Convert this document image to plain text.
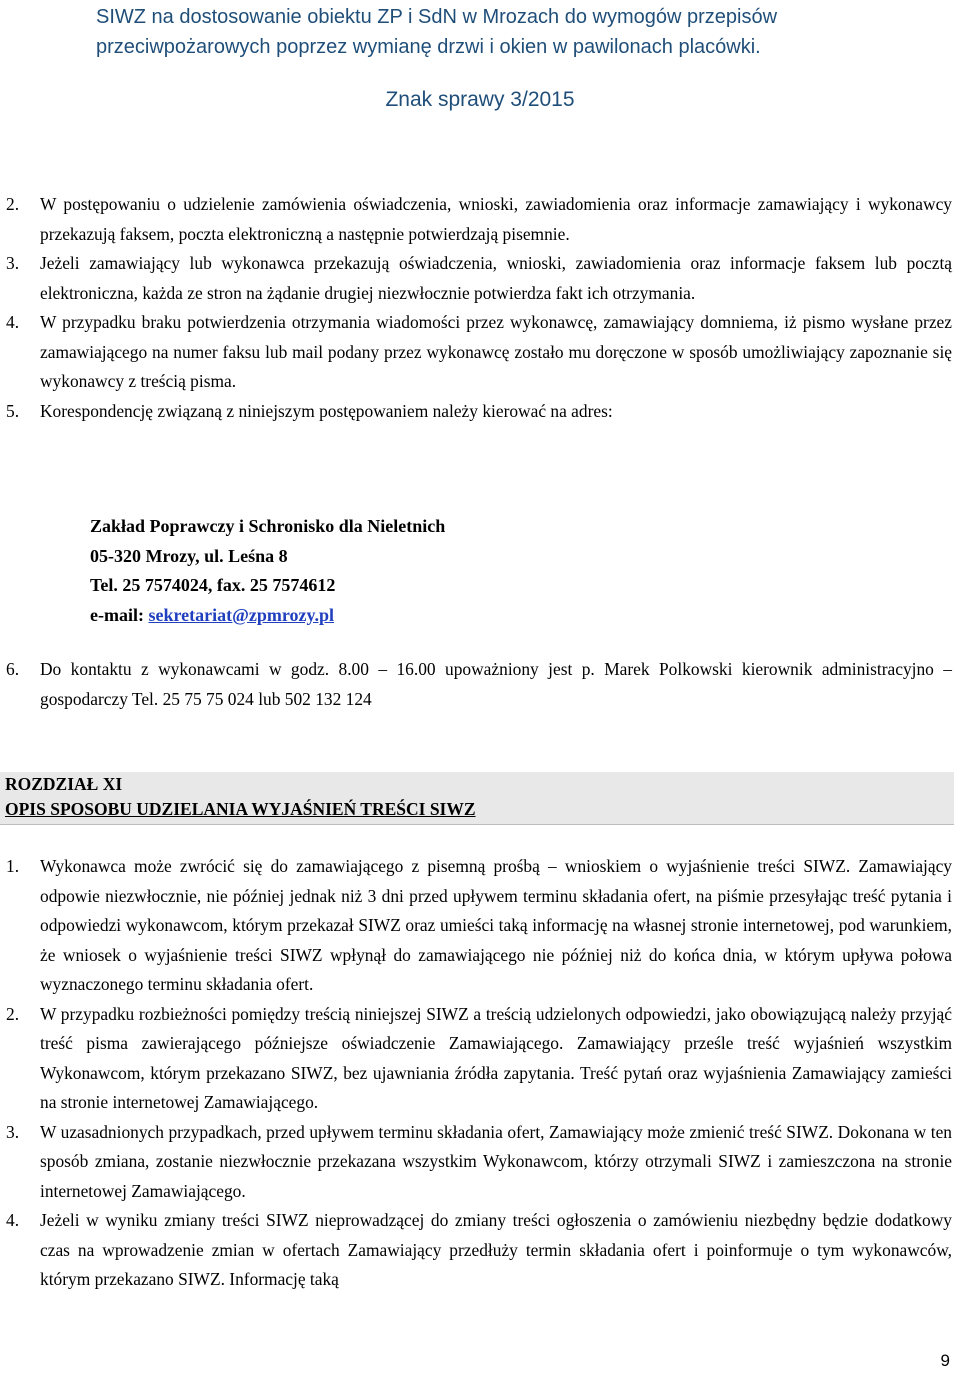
SIWZ na dostosowanie obiektu ZP i SdN w Mrozach do wymogów przepisów
przeciwpożarowych poprzez wymianę drzwi i okien w pawilonach placówki.
Znak sprawy 3/2015
2. W postępowaniu o udzielenie zamówienia oświadczenia, wnioski, zawiadomienia oraz informacje zamawiający i wykonawcy przekazują faksem, poczta elektroniczną a następnie potwierdzają pisemnie.
3. Jeżeli zamawiający lub wykonawca przekazują oświadczenia, wnioski, zawiadomienia oraz informacje faksem lub pocztą elektroniczna, każda ze stron na żądanie drugiej niezwłocznie potwierdza fakt ich otrzymania.
4. W przypadku braku potwierdzenia otrzymania wiadomości przez wykonawcę, zamawiający domniema, iż pismo wysłane przez zamawiającego na numer faksu lub mail podany przez wykonawcę zostało mu doręczone w sposób umożliwiający zapoznanie się wykonawcy z treścią pisma.
5. Korespondencję związaną z niniejszym postępowaniem należy kierować na adres:
Zakład Poprawczy i Schronisko dla Nieletnich
05-320 Mrozy, ul. Leśna 8
Tel. 25 7574024, fax. 25 7574612
e-mail: sekretariat@zpmrozy.pl
6. Do kontaktu z wykonawcami w godz. 8.00 – 16.00 upoważniony jest p. Marek Polkowski kierownik administracyjno – gospodarczy Tel. 25 75 75 024 lub 502 132 124
ROZDZIAŁ XI
OPIS SPOSOBU UDZIELANIA WYJAŚNIEŃ TREŚCI SIWZ
1. Wykonawca może zwrócić się do zamawiającego z pisemną prośbą – wnioskiem o wyjaśnienie treści SIWZ. Zamawiający odpowie niezwłocznie, nie później jednak niż 3 dni przed upływem terminu składania ofert, na piśmie przesyłając treść pytania i odpowiedzi wykonawcom, którym przekazał SIWZ oraz umieści taką informację na własnej stronie internetowej, pod warunkiem, że wniosek o wyjaśnienie treści SIWZ wpłynął do zamawiającego nie później niż do końca dnia, w którym upływa połowa wyznaczonego terminu składania ofert.
2. W przypadku rozbieżności pomiędzy treścią niniejszej SIWZ a treścią udzielonych odpowiedzi, jako obowiązującą należy przyjąć treść pisma zawierającego późniejsze oświadczenie Zamawiającego. Zamawiający prześle treść wyjaśnień wszystkim Wykonawcom, którym przekazano SIWZ, bez ujawniania źródła zapytania. Treść pytań oraz wyjaśnienia Zamawiający zamieści na stronie internetowej Zamawiającego.
3. W uzasadnionych przypadkach, przed upływem terminu składania ofert, Zamawiający może zmienić treść SIWZ. Dokonana w ten sposób zmiana, zostanie niezwłocznie przekazana wszystkim Wykonawcom, którzy otrzymali SIWZ i zamieszczona na stronie internetowej Zamawiającego.
4. Jeżeli w wyniku zmiany treści SIWZ nieprowadzącej do zmiany treści ogłoszenia o zamówieniu niezbędny będzie dodatkowy czas na wprowadzenie zmian w ofertach Zamawiający przedłuży termin składania ofert i poinformuje o tym wykonawców, którym przekazano SIWZ. Informację taką
9
